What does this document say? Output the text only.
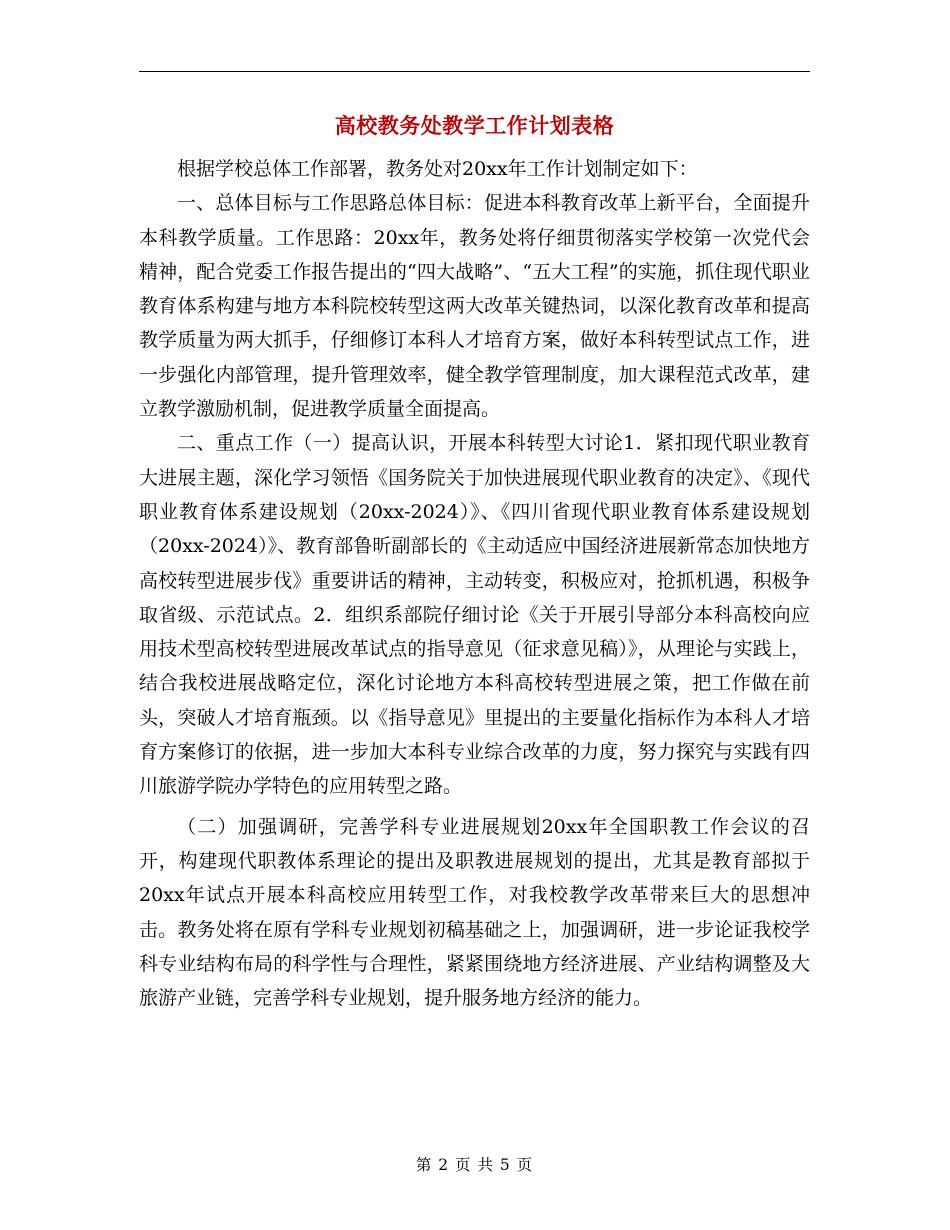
高校教务处教学工作计划表格

根据学校总体工作部署，教务处对20xx年工作计划制定如下：

一、总体目标与工作思路总体目标：促进本科教育改革上新平台，全面提升本科教学质量。工作思路：20xx年，教务处将仔细贯彻落实学校第一次党代会精神，配合党委工作报告提出的“四大战略”、“五大工程”的实施，抓住现代职业教育体系构建与地方本科院校转型这两大改革关键热词，以深化教育改革和提高教学质量为两大抓手，仔细修订本科人才培育方案，做好本科转型试点工作，进一步强化内部管理，提升管理效率，健全教学管理制度，加大课程范式改革，建立教学激励机制，促进教学质量全面提高。

二、重点工作（一）提高认识，开展本科转型大讨论1．紧扣现代职业教育大进展主题，深化学习领悟《国务院关于加快进展现代职业教育的决定》、《现代职业教育体系建设规划（20xx-2024）》、《四川省现代职业教育体系建设规划（20xx-2024）》、教育部鲁昕副部长的《主动适应中国经济进展新常态加快地方高校转型进展步伐》重要讲话的精神，主动转变，积极应对，抢抓机遇，积极争取省级、示范试点。2．组织系部院仔细讨论《关于开展引导部分本科高校向应用技术型高校转型进展改革试点的指导意见（征求意见稿）》，从理论与实践上，结合我校进展战略定位，深化讨论地方本科高校转型进展之策，把工作做在前头，突破人才培育瓶颈。以《指导意见》里提出的主要量化指标作为本科人才培育方案修订的依据，进一步加大本科专业综合改革的力度，努力探究与实践有四川旅游学院办学特色的应用转型之路。

（二）加强调研，完善学科专业进展规划20xx年全国职教工作会议的召开，构建现代职教体系理论的提出及职教进展规划的提出，尤其是教育部拟于20xx年试点开展本科高校应用转型工作，对我校教学改革带来巨大的思想冲击。教务处将在原有学科专业规划初稿基础之上，加强调研，进一步论证我校学科专业结构布局的科学性与合理性，紧紧围绕地方经济进展、产业结构调整及大旅游产业链，完善学科专业规划，提升服务地方经济的能力。

第 2 页 共 5 页
